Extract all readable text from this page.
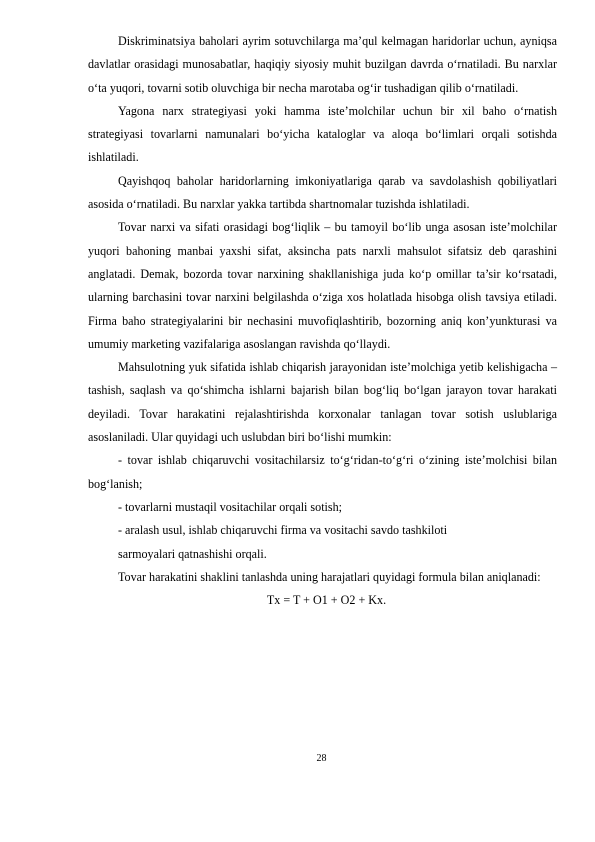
Diskriminatsiya baholari ayrim sotuvchilarga ma’qul kelmagan haridorlar uchun, ayniqsa davlatlar orasidagi munosabatlar, haqiqiy siyosiy muhit buzilgan davrda o‘rnatiladi. Bu narxlar o‘ta yuqori, tovarni sotib oluvchiga bir necha marotaba og‘ir tushadigan qilib o‘rnatiladi.

Yagona narx strategiyasi yoki hamma iste’molchilar uchun bir xil baho o‘rnatish strategiyasi tovarlarni namunalari bo‘yicha kataloglar va aloqa bo‘limlari orqali sotishda ishlatiladi.

Qayishqoq baholar haridorlarning imkoniyatlariga qarab va savdolashish qobiliyatlari asosida o‘rnatiladi. Bu narxlar yakka tartibda shartnomalar tuzishda ishlatiladi.

Tovar narxi va sifati orasidagi bog‘liqlik – bu tamoyil bo‘lib unga asosan iste’molchilar yuqori bahoning manbai yaxshi sifat, aksincha pats narxli mahsulot sifatsiz deb qarashini anglatadi. Demak, bozorda tovar narxining shakllanishiga juda ko‘p omillar ta’sir ko‘rsatadi, ularning barchasini tovar narxini belgilashda o‘ziga xos holatlada hisobga olish tavsiya etiladi. Firma baho strategiyalarini bir nechasini muvofiqlashtirib, bozorning aniq kon’yunkturasi va umumiy marketing vazifalariga asoslangan ravishda qo‘llaydi.

Mahsulotning yuk sifatida ishlab chiqarish jarayonidan iste’molchiga yetib kelishigacha – tashish, saqlash va qo‘shimcha ishlarni bajarish bilan bog‘liq bo‘lgan jarayon tovar harakati deyiladi. Tovar harakatini rejalashtirishda korxonalar tanlagan tovar sotish uslublariga asoslaniladi. Ular quyidagi uch uslubdan biri bo‘lishi mumkin:

- tovar ishlab chiqaruvchi vositachilarsiz to‘g‘ridan-to‘g‘ri o‘zining iste’molchisi bilan bog‘lanish;

- tovarlarni mustaqil vositachilar orqali sotish;

- aralash usul, ishlab chiqaruvchi firma va vositachi savdo tashkiloti

sarmoyalari qatnashishi orqali.

Tovar harakatini shaklini tanlashda uning harajatlari quyidagi formula bilan aniqlanadi:

Tx = T + O1 + O2 + Kx.

28
